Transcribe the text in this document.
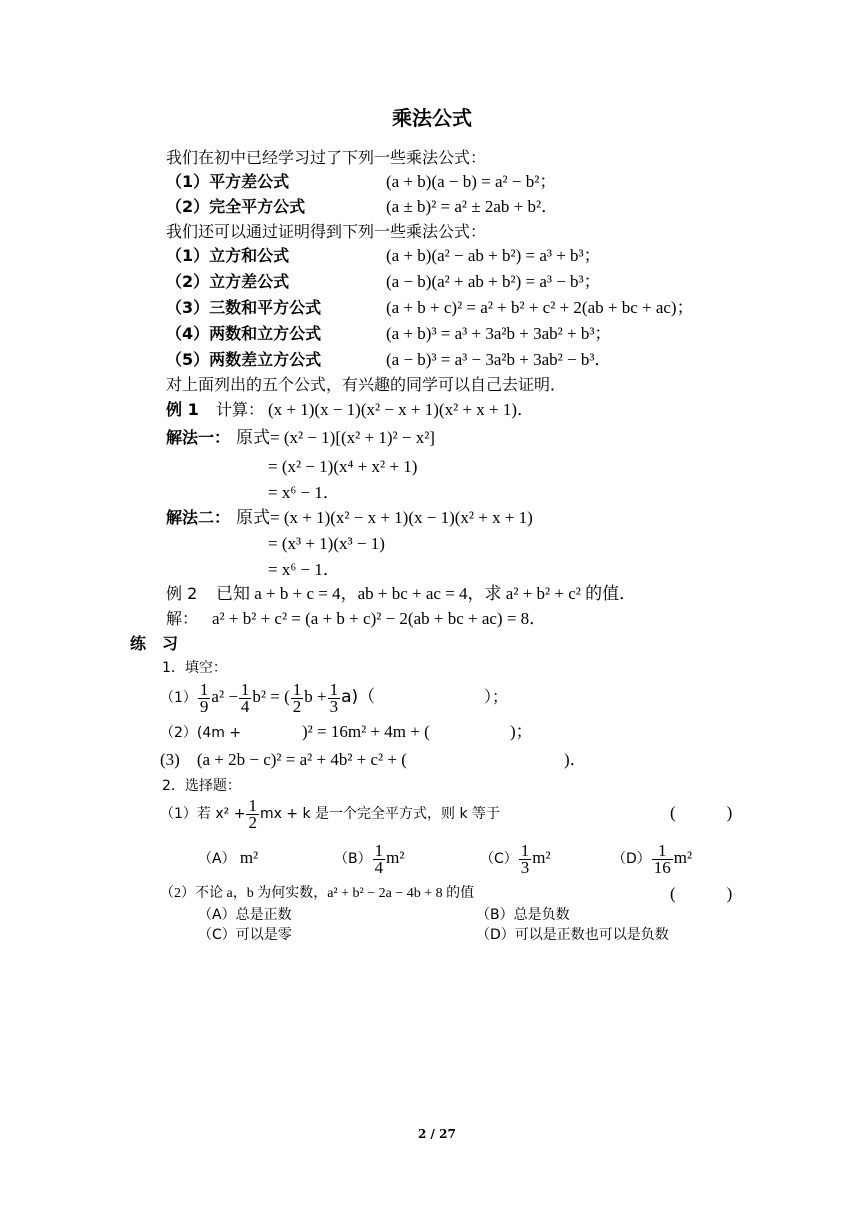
乘法公式
我们在初中已经学习过了下列一些乘法公式：
（1）平方差公式	(a + b)(a − b) = a² − b²；
（2）完全平方公式	(a ± b)² = a² ± 2ab + b²．
我们还可以通过证明得到下列一些乘法公式：
（1）立方和公式	(a + b)(a² − ab + b²) = a³ + b³；
（2）立方差公式	(a − b)(a² + ab + b²) = a³ − b³；
（3）三数和平方公式	(a + b + c)² = a² + b² + c² + 2(ab + bc + ac)；
（4）两数和立方公式	(a + b)³ = a³ + 3a²b + 3ab² + b³；
（5）两数差立方公式	(a − b)³ = a³ − 3a²b + 3ab² − b³．
对上面列出的五个公式，有兴趣的同学可以自己去证明．
例 1 计算： (x + 1)(x − 1)(x² − x + 1)(x² + x + 1)．
解法一： 原式= (x² − 1)[(x² + 1)² − x²]
= (x² − 1)(x⁴ + x² + 1)
= x⁶ − 1．
解法二： 原式= (x + 1)(x² − x + 1)(x − 1)(x² + x + 1)
= (x³ + 1)(x³ − 1)
= x⁶ − 1．
例 2 已知 a + b + c = 4，ab + bc + ac = 4，求 a² + b² + c² 的值．
解： a² + b² + c² = (a + b + c)² − 2(ab + bc + ac) = 8．
练　习
1．填空：
$(1) \frac{1}{9} a^2 - \frac{1}{4} b^2$ = ( $\frac{1}{2}$ $b + \frac{1}{3} a$)（	）；
（2）(4m +	)² = 16m² + 4m + (	)；
(3)　(a + 2b − c)² = a² + 4b² + c² + (	)．
2．选择题：
（1）若 $x^2 + \frac{1}{2}$ mx + k 是一个完全平方式，则 k 等于	(　　　)
（A） m²	$(B) \frac{1}{4} m^2$	$(C) \frac{1}{3} m^2$	$(D) \frac{1}{16} m^2$
（2）不论 a，b 为何实数，a² + b² − 2a − 4b + 8 的值	(　　　)
（A）总是正数	（B）总是负数
（C）可以是零	（D）可以是正数也可以是负数
2 / 27
